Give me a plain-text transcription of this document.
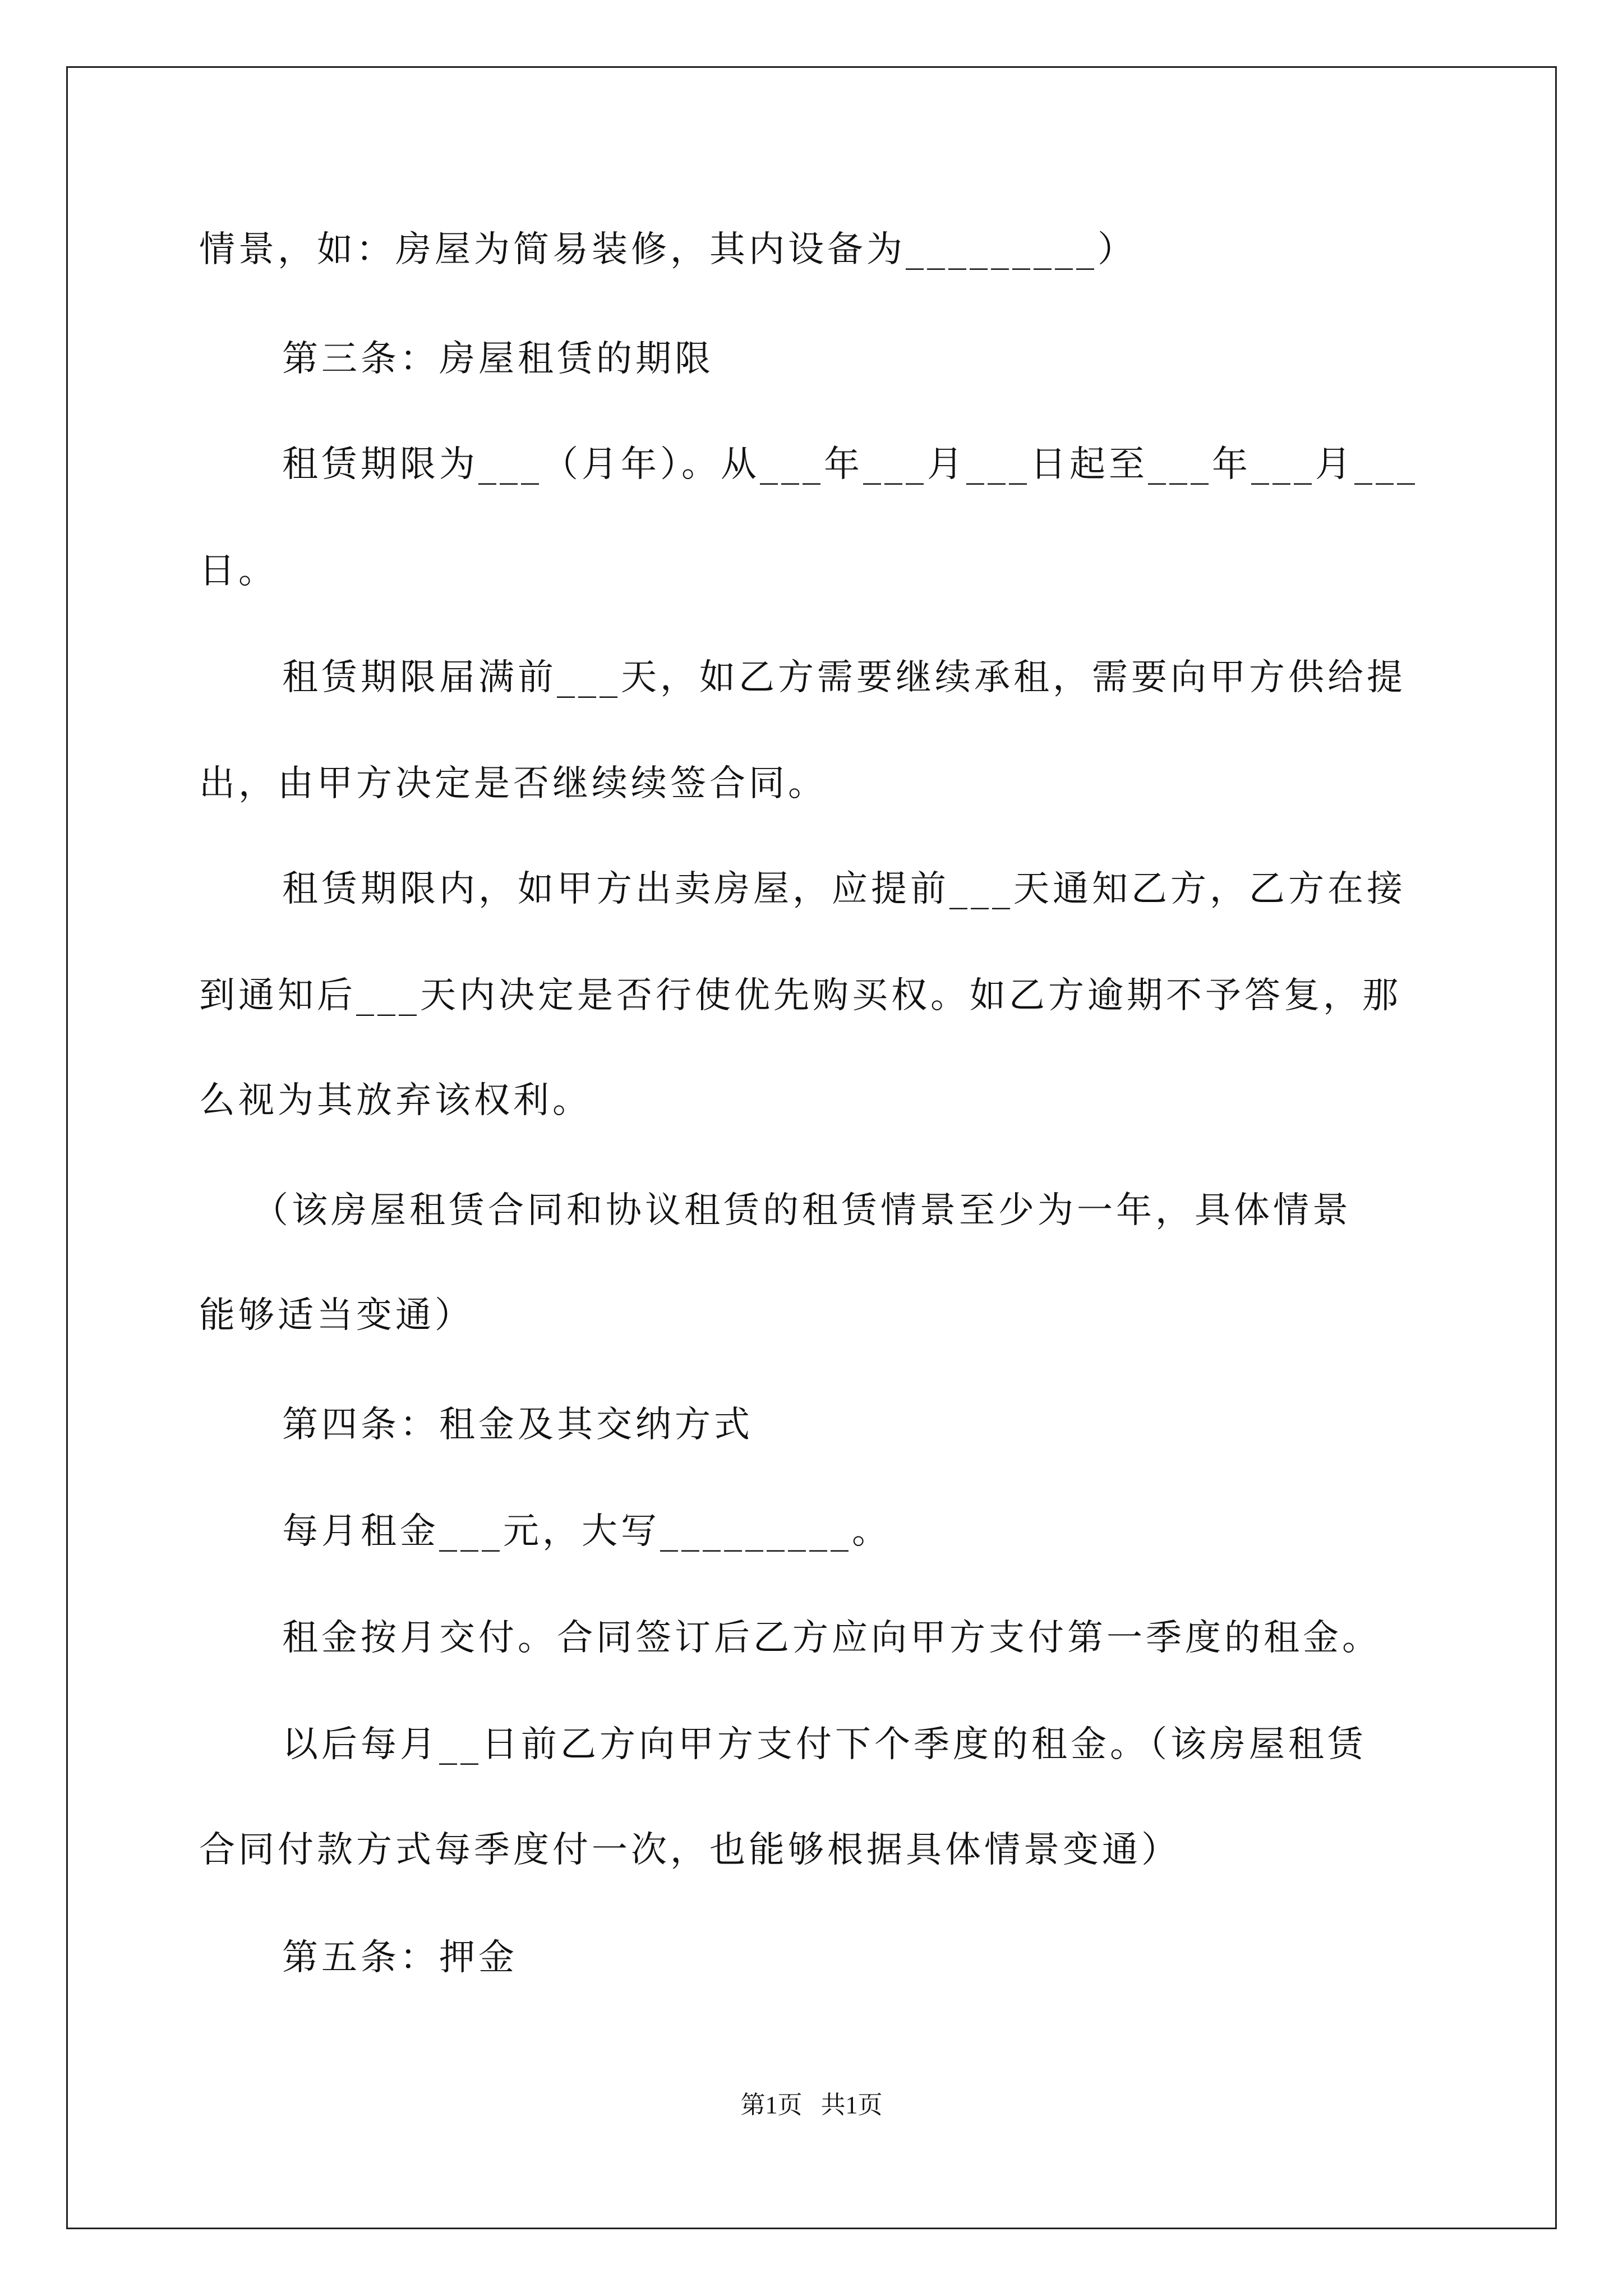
情景，如：房屋为简易装修，其内设备为_________）
第三条：房屋租赁的期限
租赁期限为___（月年）。从___年___月___日起至___年___月___
日。
租赁期限届满前___天，如乙方需要继续承租，需要向甲方供给提
出，由甲方决定是否继续续签合同。
租赁期限内，如甲方出卖房屋，应提前___天通知乙方，乙方在接
到通知后___天内决定是否行使优先购买权。如乙方逾期不予答复，那
么视为其放弃该权利。
（该房屋租赁合同和协议租赁的租赁情景至少为一年，具体情景
能够适当变通）
第四条：租金及其交纳方式
每月租金___元，大写_________。
租金按月交付。合同签订后乙方应向甲方支付第一季度的租金。
以后每月__日前乙方向甲方支付下个季度的租金。（该房屋租赁
合同付款方式每季度付一次，也能够根据具体情景变通）
第五条：押金
第1页   共1页
